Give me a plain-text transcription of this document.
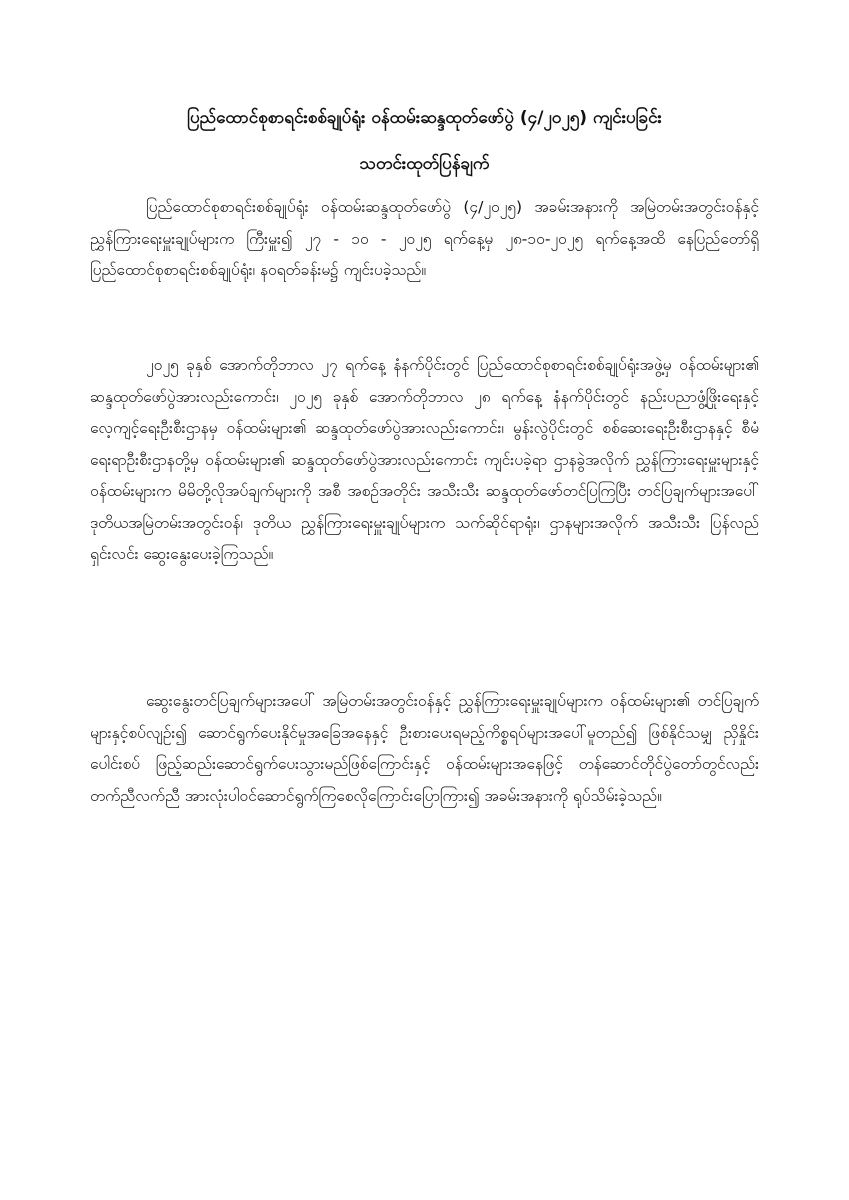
ပြည်ထောင်စုစာရင်းစစ်ချုပ်ရုံး ဝန်ထမ်းဆန္ဒထုတ်ဖော်ပွဲ (၄/၂၀၂၅) ကျင်းပခြင်း
သတင်းထုတ်ပြန်ချက်

ပြည်ထောင်စုစာရင်းစစ်ချုပ်ရုံး ဝန်ထမ်းဆန္ဒထုတ်ဖော်ပွဲ (၄/၂၀၂၅) အခမ်းအနားကို အမြဲတမ်းအတွင်းဝန်နှင့် ညွှန်ကြားရေးမှူးချုပ်များက ကြီးမှူး၍ ၂၇ - ၁၀ - ၂၀၂၅ ရက်နေ့မှ ၂၈-၁၀-၂၀၂၅ ရက်နေ့အထိ နေပြည်တော်ရှိ ပြည်ထောင်စုစာရင်းစစ်ချုပ်ရုံး၊ နဝရတ်ခန်းမ၌ ကျင်းပခဲ့သည်။

၂၀၂၅ ခုနှစ် အောက်တိုဘာလ ၂၇ ရက်နေ့ နံနက်ပိုင်းတွင် ပြည်ထောင်စုစာရင်းစစ်ချုပ်ရုံးအဖွဲ့မှ ဝန်ထမ်းများ၏ ဆန္ဒထုတ်ဖော်ပွဲအားလည်းကောင်း၊ ၂၀၂၅ ခုနှစ် အောက်တိုဘာလ ၂၈ ရက်နေ့ နံနက်ပိုင်းတွင် နည်းပညာဖွံ့ဖြိုးရေးနှင့်လေ့ကျင့်ရေးဦးစီးဌာနမှ ဝန်ထမ်းများ၏ ဆန္ဒထုတ်ဖော်ပွဲအားလည်းကောင်း၊ မွန်းလွဲပိုင်းတွင် စစ်ဆေးရေးဦးစီးဌာနနှင့် စီမံရေးရာဦးစီးဌာနတို့မှ ဝန်ထမ်းများ၏ ဆန္ဒထုတ်ဖော်ပွဲအားလည်းကောင်း ကျင်းပခဲ့ရာ ဌာနခွဲအလိုက် ညွှန်ကြားရေးမှူးများနှင့် ဝန်ထမ်းများက မိမိတို့လိုအပ်ချက်များကို အစီ အစဉ်အတိုင်း အသီးသီး ဆန္ဒထုတ်ဖော်တင်ပြကြပြီး တင်ပြချက်များအပေါ် ဒုတိယအမြဲတမ်းအတွင်းဝန်၊ ဒုတိယ ညွှန်ကြားရေးမှူးချုပ်များက သက်ဆိုင်ရာရုံး၊ ဌာနများအလိုက် အသီးသီး ပြန်လည်ရှင်းလင်း ဆွေးနွေးပေးခဲ့ကြသည်။

ဆွေးနွေးတင်ပြချက်များအပေါ် အမြဲတမ်းအတွင်းဝန်နှင့် ညွှန်ကြားရေးမှူးချုပ်များက ဝန်ထမ်းများ၏ တင်ပြချက်များနှင့်စပ်လျဉ်း၍ ဆောင်ရွက်ပေးနိုင်မှုအခြေအနေနှင့် ဦးစားပေးရမည့်ကိစ္စရပ်များအပေါ်မူတည်၍ ဖြစ်နိုင်သမျှ ညှိနှိုင်းပေါင်းစပ် ဖြည့်ဆည်းဆောင်ရွက်ပေးသွားမည်ဖြစ်ကြောင်းနှင့် ဝန်ထမ်းများအနေဖြင့် တန်ဆောင်တိုင်ပွဲတော်တွင်လည်း တက်ညီလက်ညီ အားလုံးပါဝင်ဆောင်ရွက်ကြစေလိုကြောင်းပြောကြား၍ အခမ်းအနားကို ရုပ်သိမ်းခဲ့သည်။
